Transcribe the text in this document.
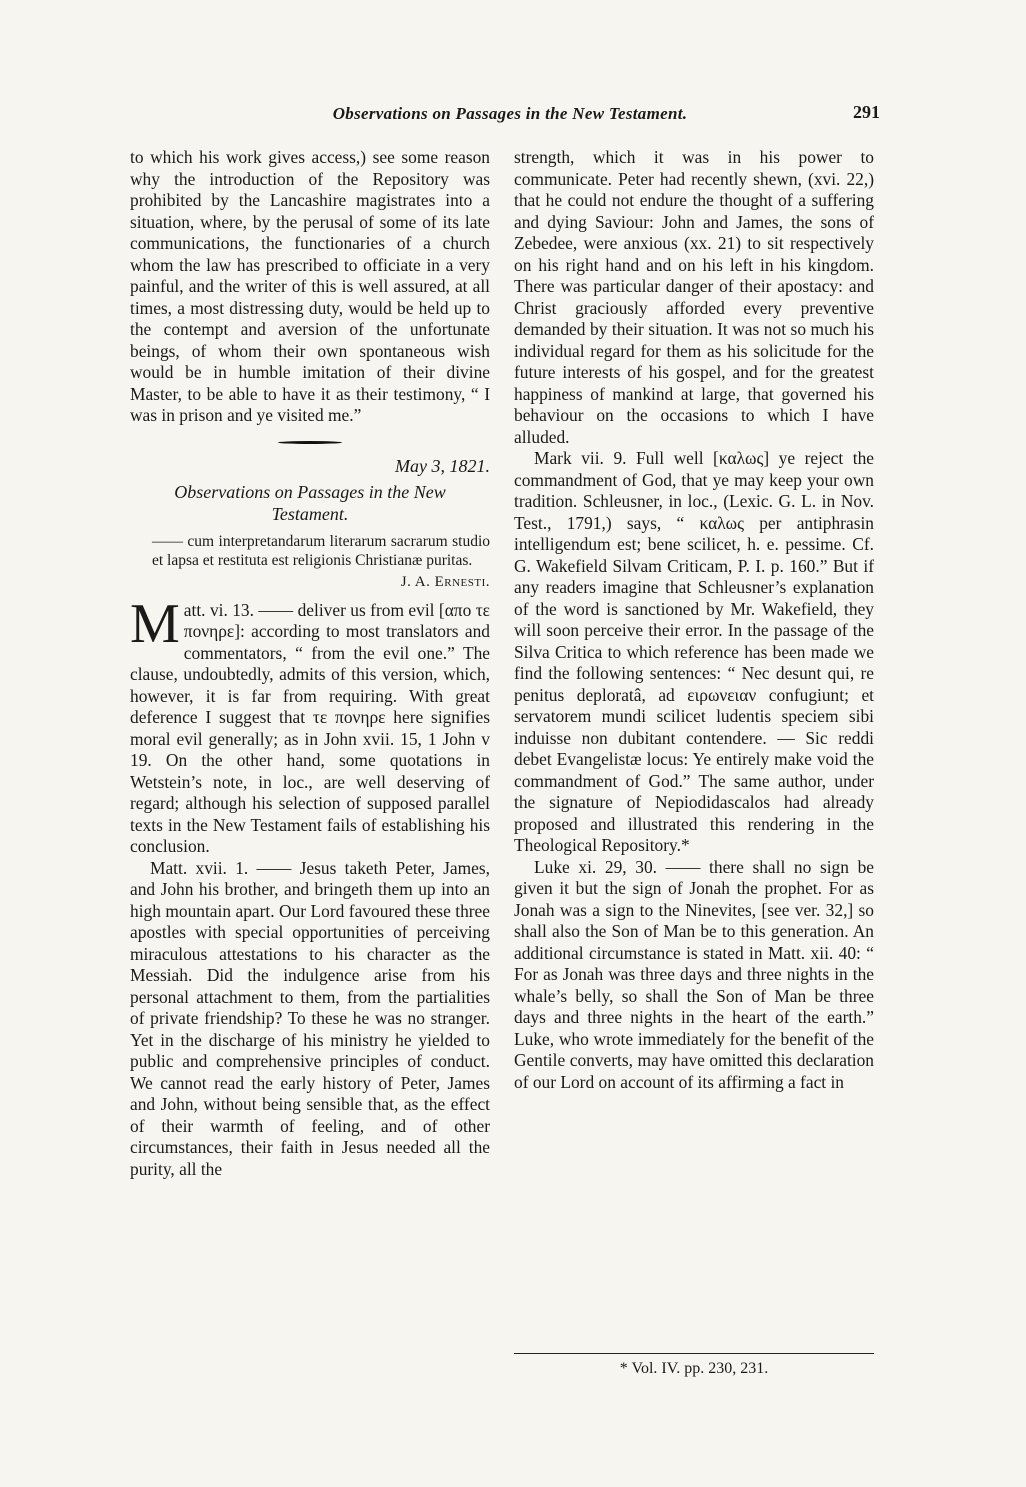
Observations on Passages in the New Testament.	291

to which his work gives access,) see some reason why the introduction of the Repository was prohibited by the Lancashire magistrates into a situation, where, by the perusal of some of its late communications, the functionaries of a church whom the law has prescribed to officiate in a very painful, and the writer of this is well assured, at all times, a most distressing duty, would be held up to the contempt and aversion of the unfortunate beings, of whom their own spontaneous wish would be in humble imitation of their divine Master, to be able to have it as their testimony, “ I was in prison and ye visited me.”

May 3, 1821.
Observations on Passages in the New Testament.
—— cum interpretandarum literarum sacrarum studio et lapsa et restituta est religionis Christianæ puritas.
J. A. Ernesti.

Matt. vi. 13. —— deliver us from evil [απο τε πονηρε]: according to most translators and commentators, “ from the evil one.” The clause, undoubtedly, admits of this version, which, however, it is far from requiring. With great deference I suggest that τε πονηρε here signifies moral evil generally; as in John xvii. 15, 1 John v 19. On the other hand, some quotations in Wetstein’s note, in loc., are well deserving of regard; although his selection of supposed parallel texts in the New Testament fails of establishing his conclusion.

Matt. xvii. 1. —— Jesus taketh Peter, James, and John his brother, and bringeth them up into an high mountain apart. Our Lord favoured these three apostles with special opportunities of perceiving miraculous attestations to his character as the Messiah. Did the indulgence arise from his personal attachment to them, from the partialities of private friendship? To these he was no stranger. Yet in the discharge of his ministry he yielded to public and comprehensive principles of conduct. We cannot read the early history of Peter, James and John, without being sensible that, as the effect of their warmth of feeling, and of other circumstances, their faith in Jesus needed all the purity, all the

strength, which it was in his power to communicate. Peter had recently shewn, (xvi. 22,) that he could not endure the thought of a suffering and dying Saviour: John and James, the sons of Zebedee, were anxious (xx. 21) to sit respectively on his right hand and on his left in his kingdom. There was particular danger of their apostacy: and Christ graciously afforded every preventive demanded by their situation. It was not so much his individual regard for them as his solicitude for the future interests of his gospel, and for the greatest happiness of mankind at large, that governed his behaviour on the occasions to which I have alluded.

Mark vii. 9. Full well [καλως] ye reject the commandment of God, that ye may keep your own tradition. Schleusner, in loc., (Lexic. G. L. in Nov. Test., 1791,) says, “ καλως per antiphrasin intelligendum est; bene scilicet, h. e. pessime. Cf. G. Wakefield Silvam Criticam, P. I. p. 160.” But if any readers imagine that Schleusner’s explanation of the word is sanctioned by Mr. Wakefield, they will soon perceive their error. In the passage of the Silva Critica to which reference has been made we find the following sentences: “ Nec desunt qui, re penitus deploratâ, ad ειρωνειαν confugiunt; et servatorem mundi scilicet ludentis speciem sibi induisse non dubitant contendere. — Sic reddi debet Evangelistæ locus: Ye entirely make void the commandment of God.” The same author, under the signature of Nepiodidascalos had already proposed and illustrated this rendering in the Theological Repository.*

Luke xi. 29, 30. —— there shall no sign be given it but the sign of Jonah the prophet. For as Jonah was a sign to the Ninevites, [see ver. 32,] so shall also the Son of Man be to this generation. An additional circumstance is stated in Matt. xii. 40: “ For as Jonah was three days and three nights in the whale’s belly, so shall the Son of Man be three days and three nights in the heart of the earth.” Luke, who wrote immediately for the benefit of the Gentile converts, may have omitted this declaration of our Lord on account of its affirming a fact in

* Vol. IV. pp. 230, 231.
